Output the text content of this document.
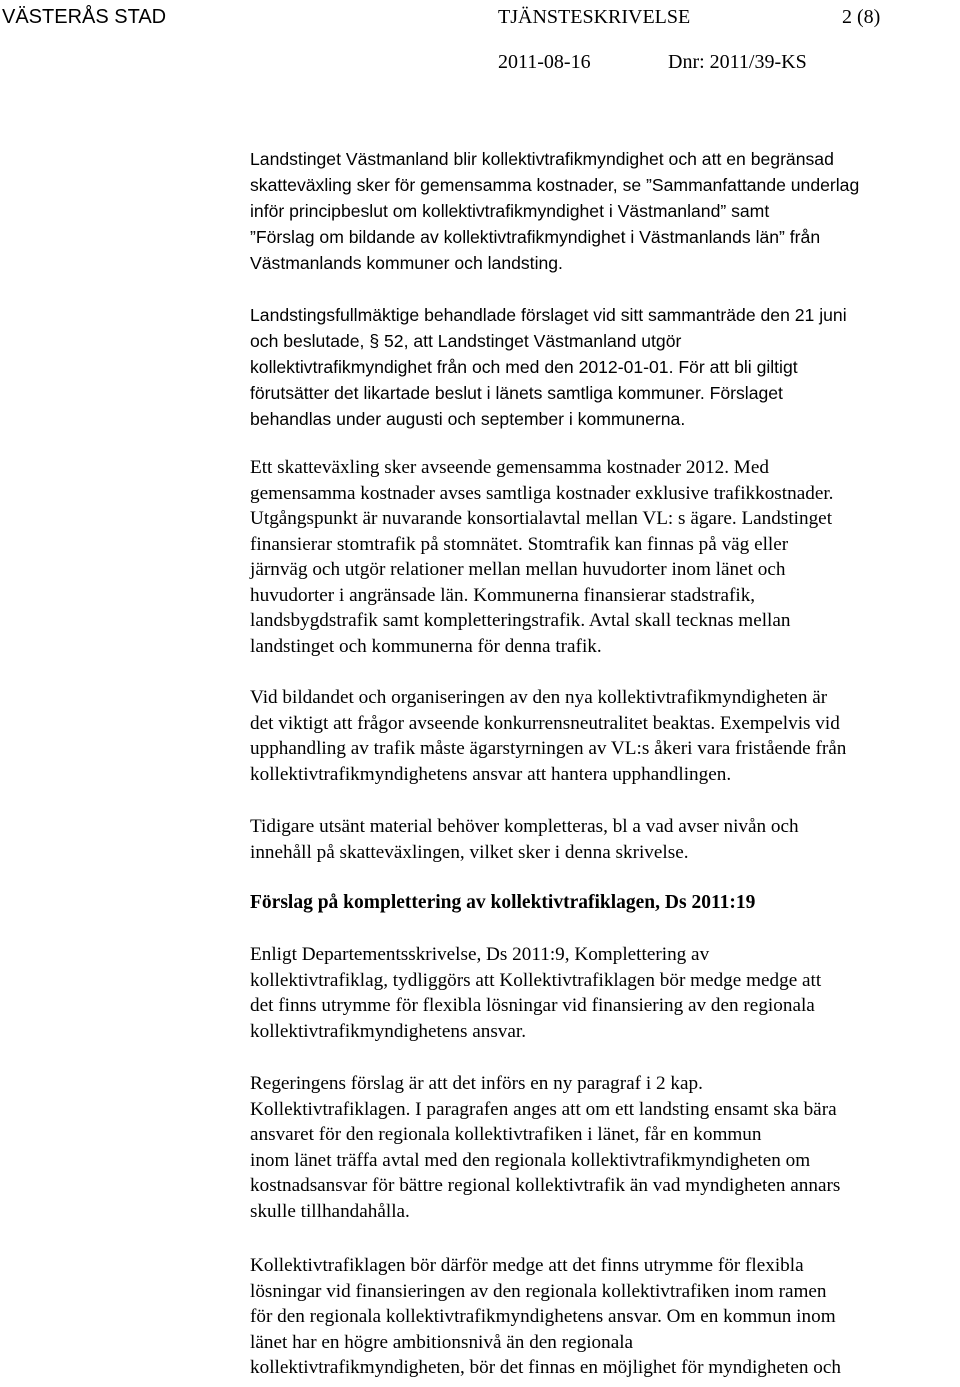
VÄSTERÅS STAD	TJÄNSTESKRIVELSE	2 (8)
2011-08-16	Dnr: 2011/39-KS
Landstinget Västmanland blir kollektivtrafikmyndighet och att en begränsad
skatteväxling sker för gemensamma kostnader, se ”Sammanfattande underlag
inför principbeslut om kollektivtrafikmyndighet i Västmanland” samt
”Förslag om bildande av kollektivtrafikmyndighet i Västmanlands län” från
Västmanlands kommuner och landsting.
Landstingsfullmäktige behandlade förslaget vid sitt sammanträde den 21 juni
och beslutade, § 52, att Landstinget Västmanland utgör
kollektivtrafikmyndighet från och med den 2012-01-01. För att bli giltigt
förutsätter det likartade beslut i länets samtliga kommuner. Förslaget
behandlas under augusti och september i kommunerna.
Ett skatteväxling sker avseende gemensamma kostnader 2012. Med
gemensamma kostnader avses samtliga kostnader exklusive trafikkostnader.
Utgångspunkt är nuvarande konsortialavtal mellan VL: s ägare. Landstinget
finansierar stomtrafik på stomnätet. Stomtrafik kan finnas på väg eller
järnväg och utgör relationer mellan mellan huvudorter inom länet och
huvudorter i angränsade län. Kommunerna finansierar stadstrafik,
landsbygdstrafik samt kompletteringstrafik. Avtal skall tecknas mellan
landstinget och kommunerna för denna trafik.
Vid bildandet och organiseringen av den nya kollektivtrafikmyndigheten är
det viktigt att frågor avseende konkurrensneutralitet beaktas. Exempelvis vid
upphandling av trafik måste ägarstyrningen av VL:s åkeri vara fristående från
kollektivtrafikmyndighetens ansvar att hantera upphandlingen.
Tidigare utsänt material behöver kompletteras, bl a vad avser nivån och
innehåll på skatteväxlingen, vilket sker i denna skrivelse.
Förslag på komplettering av kollektivtrafiklagen, Ds 2011:19
Enligt Departementsskrivelse, Ds 2011:9, Komplettering av
kollektivtrafiklag, tydliggörs att Kollektivtrafiklagen bör medge medge att
det finns utrymme för flexibla lösningar vid finansiering av den regionala
kollektivtrafikmyndighetens ansvar.
Regeringens förslag är att det införs en ny paragraf i 2 kap.
Kollektivtrafiklagen. I paragrafen anges att om ett landsting ensamt ska bära
ansvaret för den regionala kollektivtrafiken i länet, får en kommun
inom länet träffa avtal med den regionala kollektivtrafikmyndigheten om
kostnadsansvar för bättre regional kollektivtrafik än vad myndigheten annars
skulle tillhandahålla.
Kollektivtrafiklagen bör därför medge att det finns utrymme för flexibla
lösningar vid finansieringen av den regionala kollektivtrafiken inom ramen
för den regionala kollektivtrafikmyndighetens ansvar. Om en kommun inom
länet har en högre ambitionsnivå än den regionala
kollektivtrafikmyndigheten, bör det finnas en möjlighet för myndigheten och
